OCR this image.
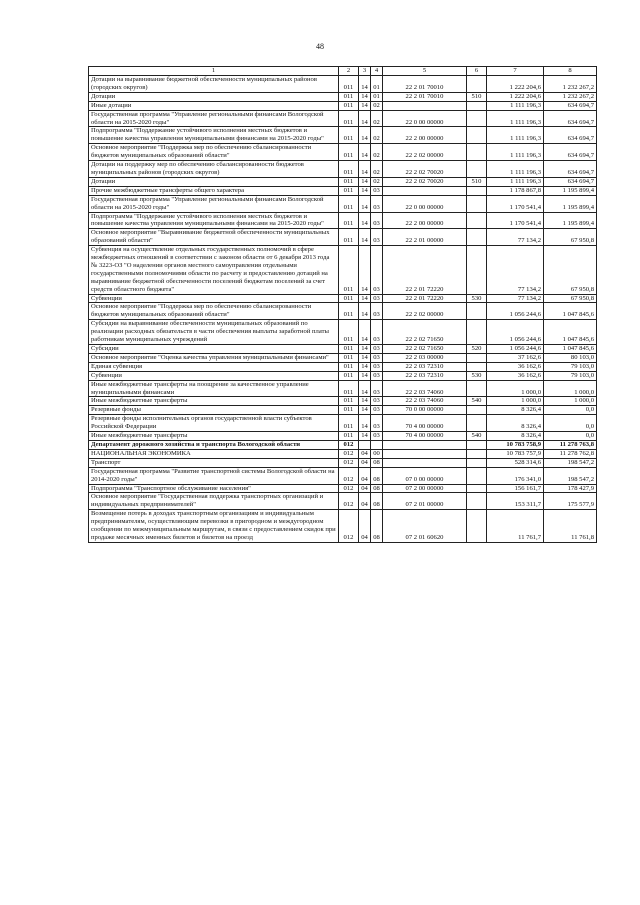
48
1	2	3	4	5	6	7	8
Дотации на выравнивание бюджетной обеспеченности муниципальных районов (городских округов)	011	14	01	22 2 01 70010		1 222 204,6	1 232 267,2
Дотации	011	14	01	22 2 01 70010	510	1 222 204,6	1 232 267,2
Иные дотации	011	14	02			1 111 196,3	634 694,7
Государственная программа "Управление региональными финансами Вологодской области на 2015-2020 годы"	011	14	02	22 0 00 00000		1 111 196,3	634 694,7
Подпрограмма "Поддержание устойчивого исполнения местных бюджетов и повышение качества управления муниципальными финансами на 2015-2020 годы"	011	14	02	22 2 00 00000		1 111 196,3	634 694,7
Основное мероприятие "Поддержка мер по обеспечению сбалансированности бюджетов муниципальных образований области"	011	14	02	22 2 02 00000		1 111 196,3	634 694,7
Дотации на поддержку мер по обеспечению сбалансированности бюджетов муниципальных районов (городских округов)	011	14	02	22 2 02 70020		1 111 196,3	634 694,7
Дотации	011	14	02	22 2 02 70020	510	1 111 196,3	634 694,7
Прочие межбюджетные трансферты общего характера	011	14	03			1 178 867,8	1 195 899,4
Государственная программа "Управление региональными финансами Вологодской области на 2015-2020 годы"	011	14	03	22 0 00 00000		1 170 541,4	1 195 899,4
Подпрограмма "Поддержание устойчивого исполнения местных бюджетов и повышение качества управления муниципальными финансами на 2015-2020 годы"	011	14	03	22 2 00 00000		1 170 541,4	1 195 899,4
Основное мероприятие "Выравнивание бюджетной обеспеченности муниципальных образований области"	011	14	03	22 2 01 00000		77 134,2	67 950,8
Субвенция на осуществление отдельных государственных полномочий в сфере межбюджетных отношений в соответствии с законом области от 6 декабря 2013 года № 3223-ОЗ "О наделении органов местного самоуправления отдельными государственными полномочиями области по расчету и предоставлению дотаций на выравнивание бюджетной обеспеченности поселений бюджетам поселений за счет средств областного бюджета"	011	14	03	22 2 01 72220		77 134,2	67 950,8
Субвенции	011	14	03	22 2 01 72220	530	77 134,2	67 950,8
Основное мероприятие "Поддержка мер по обеспечению сбалансированности бюджетов муниципальных образований области"	011	14	03	22 2 02 00000		1 056 244,6	1 047 845,6
Субсидии на выравнивание обеспеченности муниципальных образований по реализации расходных обязательств в части обеспечения выплаты заработной платы работникам муниципальных учреждений	011	14	03	22 2 02 71650		1 056 244,6	1 047 845,6
Субсидии	011	14	03	22 2 02 71650	520	1 056 244,6	1 047 845,6
Основное мероприятие "Оценка качества управления муниципальными финансами"	011	14	03	22 2 03 00000		37 162,6	80 103,0
Единая субвенция	011	14	03	22 2 03 72310		36 162,6	79 103,0
Субвенции	011	14	03	22 2 03 72310	530	36 162,6	79 103,0
Иные межбюджетные трансферты на поощрение за качественное управление муниципальными финансами	011	14	03	22 2 03 74060		1 000,0	1 000,0
Иные межбюджетные трансферты	011	14	03	22 2 03 74060	540	1 000,0	1 000,0
Резервные фонды	011	14	03	70 0 00 00000		8 326,4	0,0
Резервные фонды исполнительных органов государственной власти субъектов Российской Федерации	011	14	03	70 4 00 00000		8 326,4	0,0
Иные межбюджетные трансферты	011	14	03	70 4 00 00000	540	8 326,4	0,0
Департамент дорожного хозяйства и транспорта Вологодской области	012					10 783 758,9	11 278 763,8
НАЦИОНАЛЬНАЯ ЭКОНОМИКА	012	04	00			10 783 757,9	11 278 762,8
Транспорт	012	04	08			528 314,6	198 547,2
Государственная программа "Развитие транспортной системы Вологодской области на 2014-2020 годы"	012	04	08	07 0 00 00000		176 341,0	198 547,2
Подпрограмма "Транспортное обслуживание населения"	012	04	08	07 2 00 00000		156 161,7	178 427,9
Основное мероприятие "Государственная поддержка транспортных организаций и индивидуальных предпринимателей"	012	04	08	07 2 01 00000		153 311,7	175 577,9
Возмещение потерь в доходах транспортным организациям и индивидуальным предпринимателям, осуществляющим перевозки в пригородном и междугородном сообщении по межмуниципальным маршрутам, в связи с предоставлением скидок при продаже месячных именных билетов и билетов на проезд	012	04	08	07 2 01 60620		11 761,7	11 761,8
